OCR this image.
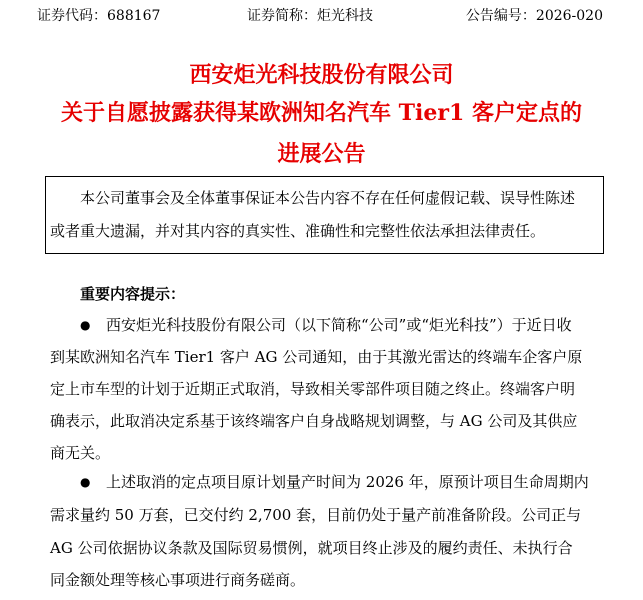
证券代码：688167	证券简称：炬光科技	公告编号：2026-020
西安炬光科技股份有限公司
关于自愿披露获得某欧洲知名汽车 Tier1 客户定点的
进展公告
本公司董事会及全体董事保证本公告内容不存在任何虚假记载、误导性陈述
或者重大遗漏，并对其内容的真实性、准确性和完整性依法承担法律责任。
重要内容提示：
● 西安炬光科技股份有限公司（以下简称“公司”或“炬光科技”）于近日收
到某欧洲知名汽车 Tier1 客户 AG 公司通知，由于其激光雷达的终端车企客户原
定上市车型的计划于近期正式取消，导致相关零部件项目随之终止。终端客户明
确表示，此取消决定系基于该终端客户自身战略规划调整，与 AG 公司及其供应
商无关。
● 上述取消的定点项目原计划量产时间为 2026 年，原预计项目生命周期内
需求量约 50 万套，已交付约 2,700 套，目前仍处于量产前准备阶段。公司正与
AG 公司依据协议条款及国际贸易惯例，就项目终止涉及的履约责任、未执行合
同金额处理等核心事项进行商务磋商。
